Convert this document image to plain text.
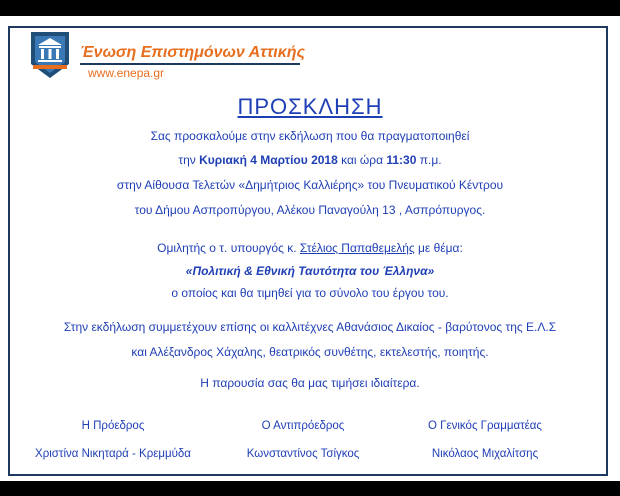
Ένωση Επιστημόνων Αττικής
www.enepa.gr
ΠΡΟΣΚΛΗΣΗ
Σας προσκαλούμε στην εκδήλωση που θα πραγματοποιηθεί
την Κυριακή 4 Μαρτίου 2018 και ώρα 11:30 π.μ.
στην Αίθουσα Τελετών «Δημήτριος Καλλιέρης» του Πνευματικού Κέντρου
του Δήμου Ασπροπύργου, Αλέκου Παναγούλη 13 , Ασπρόπυργος.
Ομιλητής ο τ. υπουργός κ. Στέλιος Παπαθεμελής με θέμα:
«Πολιτική & Εθνική Ταυτότητα του Έλληνα»
ο οποίος και θα τιμηθεί για το σύνολο του έργου του.
Στην εκδήλωση συμμετέχουν επίσης οι καλλιτέχνες Αθανάσιος Δικαίος - βαρύτονος της Ε.Λ.Σ
και Αλέξανδρος Χάχαλης, θεατρικός συνθέτης, εκτελεστής, ποιητής.
Η παρουσία σας θα μας τιμήσει ιδιαίτερα.
Η Πρόεδρος	Ο Αντιπρόεδρος	Ο Γενικός Γραμματέας
Χριστίνα Νικηταρά - Κρεμμύδα	Κωνσταντίνος Τσίγκος	Νικόλαος Μιχαλίτσης
